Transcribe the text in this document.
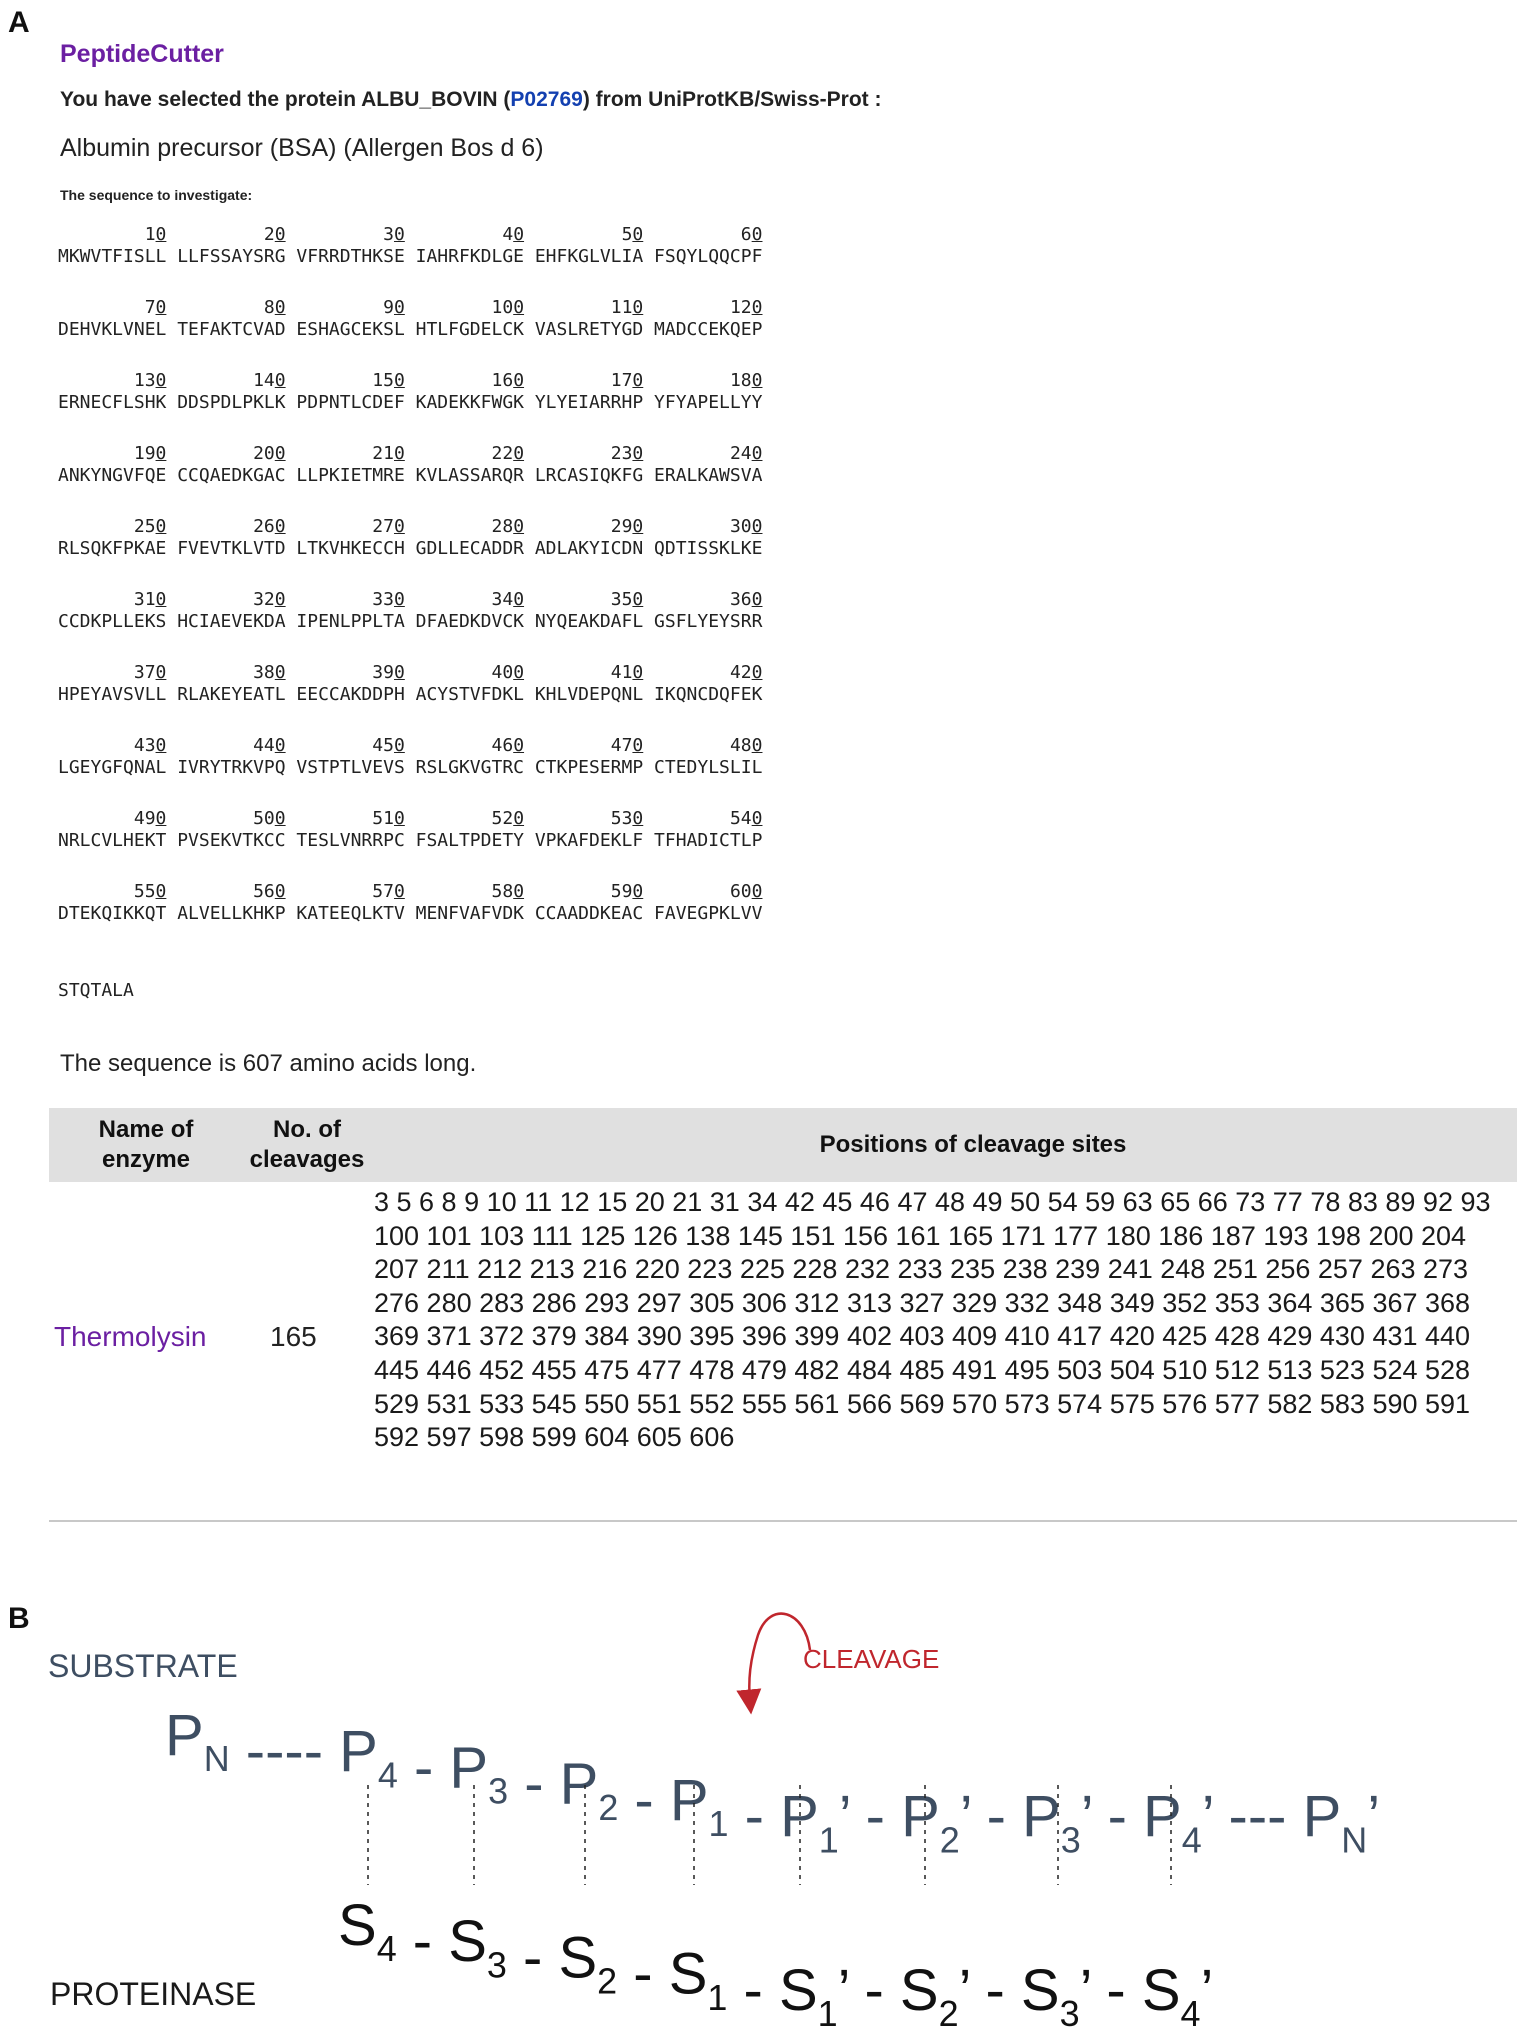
A
PeptideCutter
You have selected the protein ALBU_BOVIN (P02769) from UniProtKB/Swiss-Prot :
Albumin precursor (BSA) (Allergen Bos d 6)
The sequence to investigate:
10         20         30         40         50         60
MKWVTFISLL LLFSSAYSRG VFRRDTHKSE IAHRFKDLGE EHFKGLVLIA FSQYLQQCPF
70         80         90        100        110        120
DEHVKLVNEL TEFAKTCVAD ESHAGCEKSL HTLFGDELCK VASLRETYGD MADCCEKQEP
130        140        150        160        170        180
ERNECFLSHK DDSPDLPKLK PDPNTLCDEF KADEKKFWGK YLYEIARRHP YFYAPELLYY
190        200        210        220        230        240
ANKYNGVFQE CCQAEDKGAC LLPKIETMRE KVLASSARQR LRCASIQKFG ERALKAWSVA
250        260        270        280        290        300
RLSQKFPKAE FVEVTKLVTD LTKVHKECCH GDLLECADDR ADLAKYICDN QDTISSKLKE
310        320        330        340        350        360
CCDKPLLEKS HCIAEVEKDA IPENLPPLTA DFAEDKDVCK NYQEAKDAFL GSFLYEYSRR
370        380        390        400        410        420
HPEYAVSVLL RLAKEYEATL EECCAKDDPH ACYSTVFDKL KHLVDEPQNL IKQNCDQFEK
430        440        450        460        470        480
LGEYGFQNAL IVRYTRKVPQ VSTPTLVEVS RSLGKVGTRC CTKPESERMP CTEDYLSLIL
490        500        510        520        530        540
NRLCVLHEKT PVSEKVTKCC TESLVNRRPC FSALTPDETY VPKAFDEKLF TFHADICTLP
550        560        570        580        590        600
DTEKQIKKQT ALVELLKHKP KATEEQLKTV MENFVAFVDK CCAADDKEAC FAVEGPKLVV
STQTALA
The sequence is 607 amino acids long.
Name of enzyme
No. of cleavages
Positions of cleavage sites
Thermolysin 165
3 5 6 8 9 10 11 12 15 20 21 31 34 42 45 46 47 48 49 50 54 59 63 65 66 73 77 78 83 89 92 93 100 101 103 111 125 126 138 145 151 156 161 165 171 177 180 186 187 193 198 200 204 207 211 212 213 216 220 223 225 228 232 233 235 238 239 241 248 251 256 257 263 273 276 280 283 286 293 297 305 306 312 313 327 329 332 348 349 352 353 364 365 367 368 369 371 372 379 384 390 395 396 399 402 403 409 410 417 420 425 428 429 430 431 440 445 446 452 455 475 477 478 479 482 484 485 491 495 503 504 510 512 513 523 524 528 529 531 533 545 550 551 552 555 561 566 569 570 573 574 575 576 577 582 583 590 591 592 597 598 599 604 605 606
B
SUBSTRATE	CLEAVAGE
PROTEINASE
$P_N$ ---- $P_4 - P_3 - P_2 - P_1 - P_1$’ - $P_2$’ - $P_3$’ - $P_4$’ --- $P_N$’
$S_4 - S_3 - S_2 - S_1 - S_1$’ - $S_2$’ - $S_3$’ - $S_4$’
